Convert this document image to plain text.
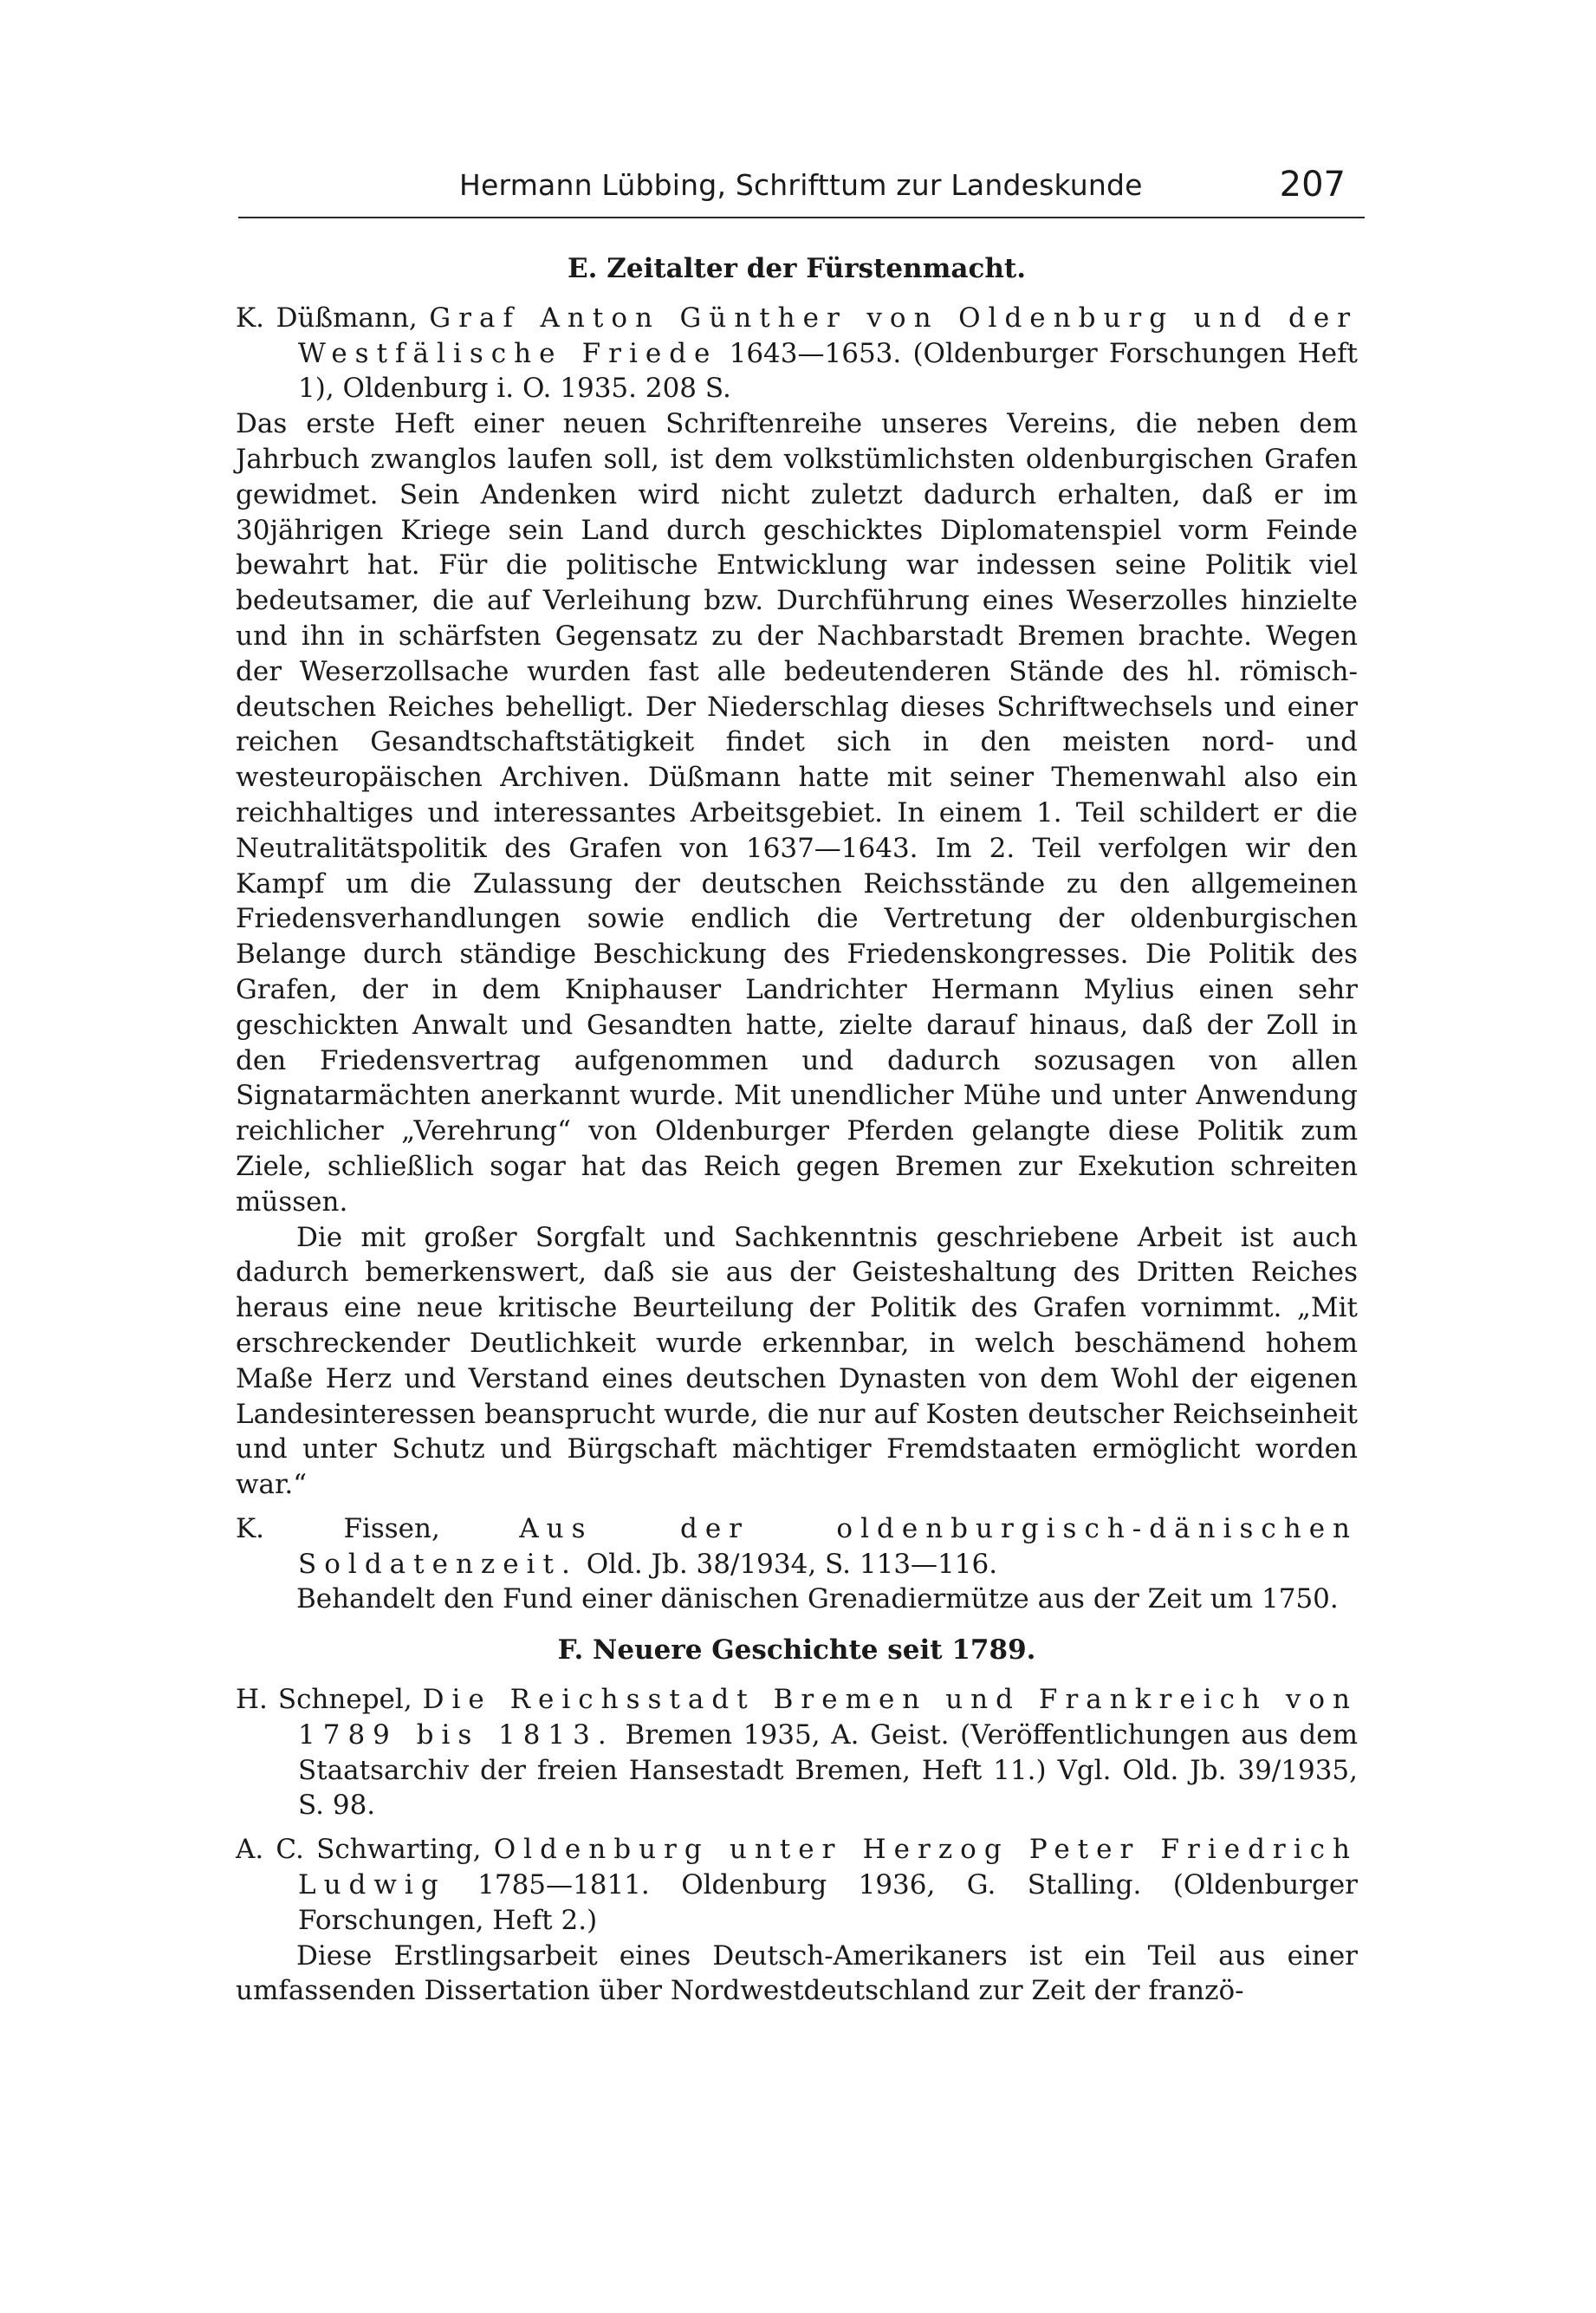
Hermann Lübbing, Schrifttum zur Landeskunde	207
E. Zeitalter der Fürstenmacht.

K. Düßmann, Graf Anton Günther von Oldenburg und der Westfälische Friede 1643—1653. (Oldenburger Forschungen Heft 1), Oldenburg i. O. 1935. 208 S.

Das erste Heft einer neuen Schriftenreihe unseres Vereins, die neben dem Jahrbuch zwanglos laufen soll, ist dem volkstümlichsten oldenburgischen Grafen gewidmet. Sein Andenken wird nicht zuletzt dadurch erhalten, daß er im 30jährigen Kriege sein Land durch geschicktes Diplomatenspiel vorm Feinde bewahrt hat. Für die politische Entwicklung war indessen seine Politik viel bedeutsamer, die auf Verleihung bzw. Durchführung eines Weserzolles hinzielte und ihn in schärfsten Gegensatz zu der Nachbarstadt Bremen brachte. Wegen der Weserzollsache wurden fast alle bedeutenderen Stände des hl. römisch-deutschen Reiches behelligt. Der Niederschlag dieses Schriftwechsels und einer reichen Gesandtschaftstätigkeit findet sich in den meisten nord- und westeuropäischen Archiven. Düßmann hatte mit seiner Themenwahl also ein reichhaltiges und interessantes Arbeitsgebiet. In einem 1. Teil schildert er die Neutralitätspolitik des Grafen von 1637—1643. Im 2. Teil verfolgen wir den Kampf um die Zulassung der deutschen Reichsstände zu den allgemeinen Friedensverhandlungen sowie endlich die Vertretung der oldenburgischen Belange durch ständige Beschickung des Friedenskongresses. Die Politik des Grafen, der in dem Kniphauser Landrichter Hermann Mylius einen sehr geschickten Anwalt und Gesandten hatte, zielte darauf hinaus, daß der Zoll in den Friedensvertrag aufgenommen und dadurch sozusagen von allen Signatarmächten anerkannt wurde. Mit unendlicher Mühe und unter Anwendung reichlicher „Verehrung“ von Oldenburger Pferden gelangte diese Politik zum Ziele, schließlich sogar hat das Reich gegen Bremen zur Exekution schreiten müssen.

Die mit großer Sorgfalt und Sachkenntnis geschriebene Arbeit ist auch dadurch bemerkenswert, daß sie aus der Geisteshaltung des Dritten Reiches heraus eine neue kritische Beurteilung der Politik des Grafen vornimmt. „Mit erschreckender Deutlichkeit wurde erkennbar, in welch beschämend hohem Maße Herz und Verstand eines deutschen Dynasten von dem Wohl der eigenen Landesinteressen beansprucht wurde, die nur auf Kosten deutscher Reichseinheit und unter Schutz und Bürgschaft mächtiger Fremdstaaten ermöglicht worden war.“

K. Fissen,	Aus der oldenburgisch-dänischen Soldatenzeit. Old. Jb. 38/1934, S. 113—116.

Behandelt den Fund einer dänischen Grenadiermütze aus der Zeit um 1750.

F. Neuere Geschichte seit 1789.

H. Schnepel, Die Reichsstadt Bremen und Frankreich von 1789 bis 1813. Bremen 1935, A. Geist. (Veröffentlichungen aus dem Staatsarchiv der freien Hansestadt Bremen, Heft 11.) Vgl. Old. Jb. 39/1935, S. 98.

A. C. Schwarting, Oldenburg unter Herzog Peter Friedrich Ludwig 1785—1811. Oldenburg 1936, G. Stalling. (Oldenburger Forschungen, Heft 2.)

Diese Erstlingsarbeit eines Deutsch-Amerikaners ist ein Teil aus einer umfassenden Dissertation über Nordwestdeutschland zur Zeit der franzö-
